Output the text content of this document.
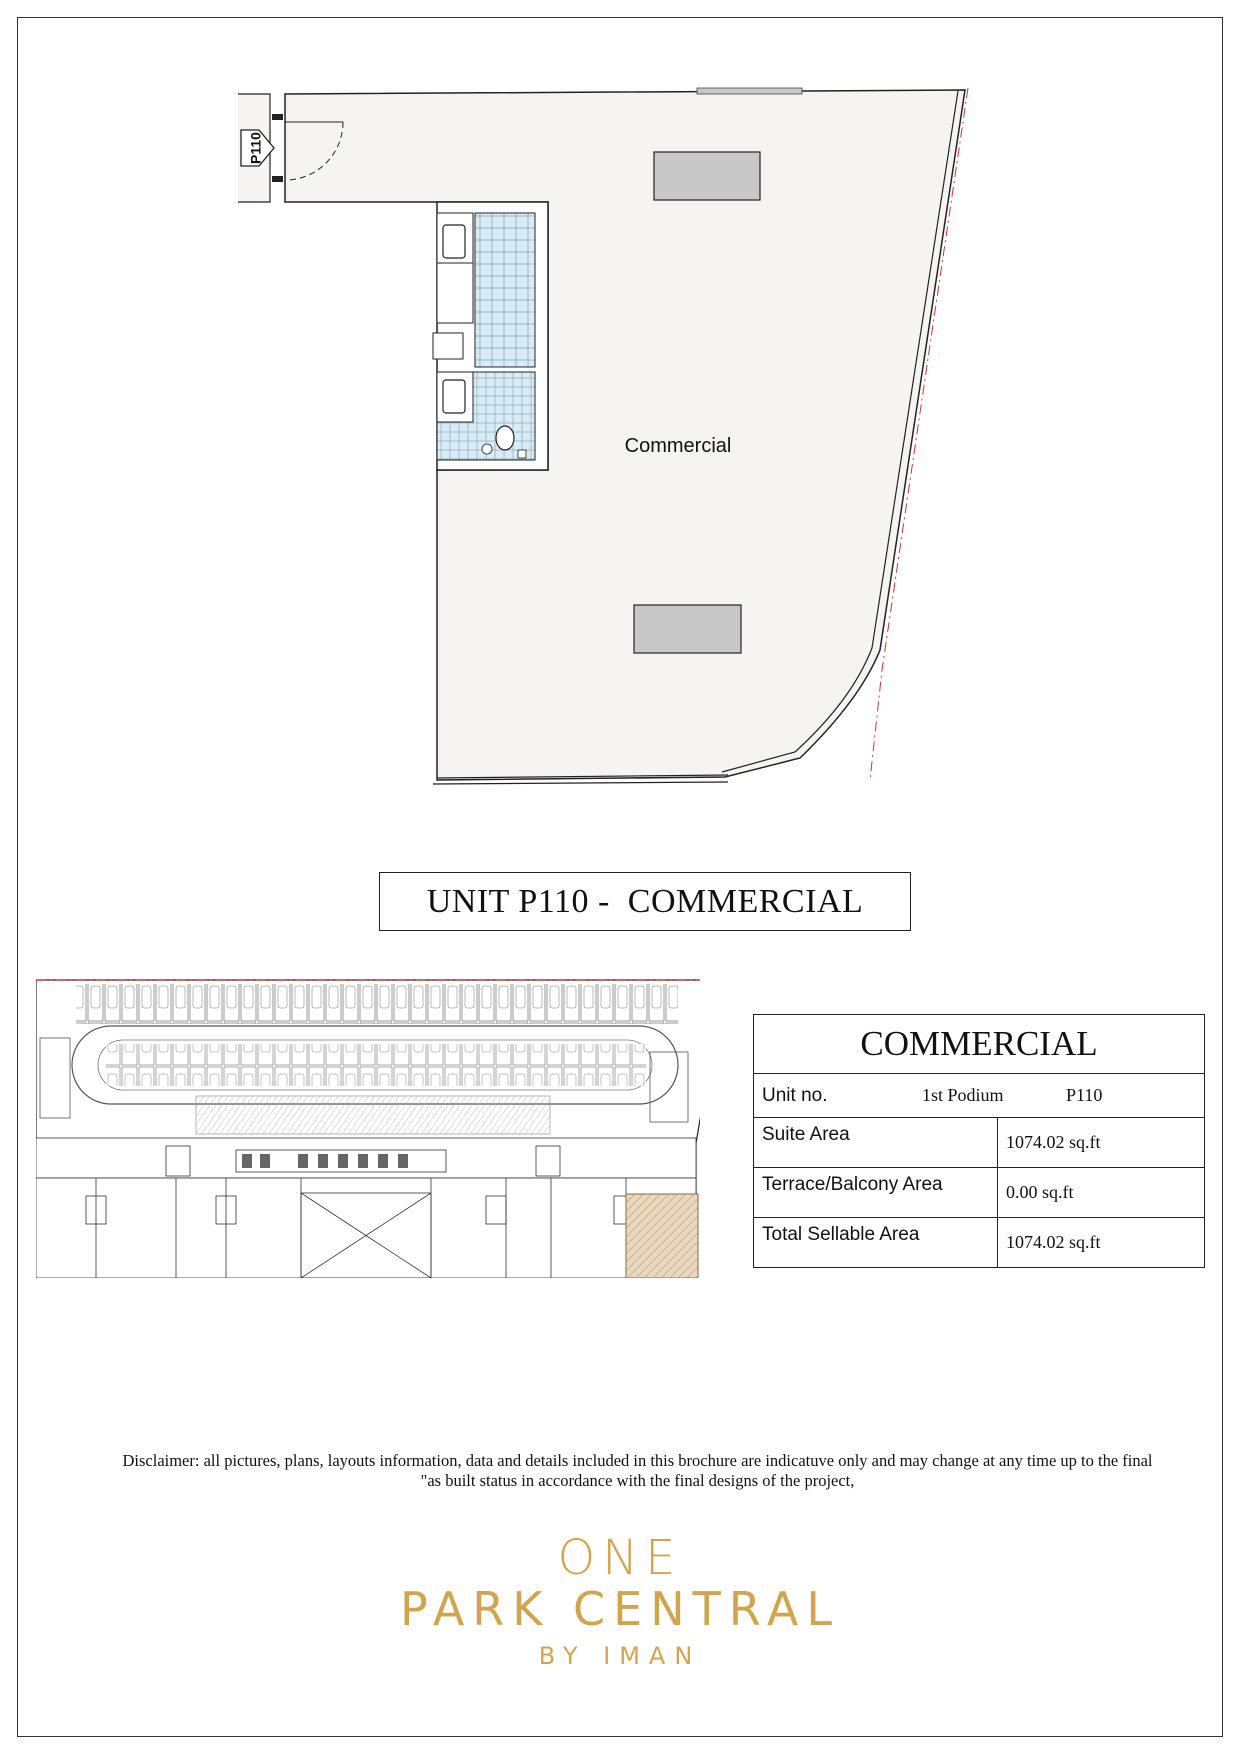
P110
Commercial
UNIT P110 -  COMMERCIAL
COMMERCIAL	

Unit no. 1st Podium P110	

Suite Area	1074.02 sq.ft
Terrace/Balcony Area	0.00 sq.ft
Total Sellable Area	1074.02 sq.ft
Disclaimer: all pictures, plans, layouts information, data and details included in this brochure are indicatuve only and may change at any time up to the final
"as built status in accordance with the final designs of the project,
ONE
PARK CENTRAL
BY IMAN
